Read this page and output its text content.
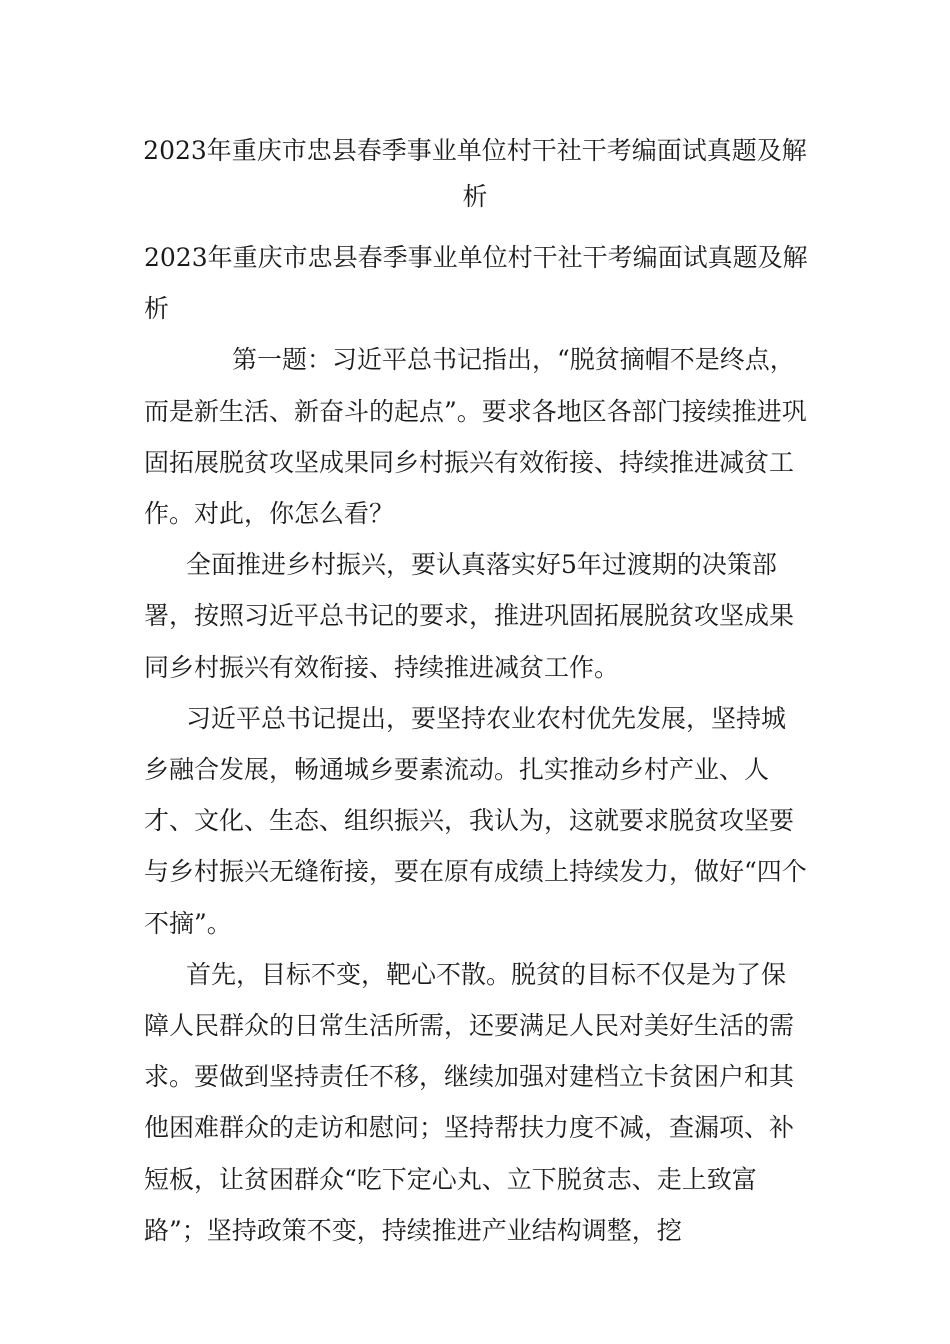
2023年重庆市忠县春季事业单位村干社干考编面试真题及解析

2023年重庆市忠县春季事业单位村干社干考编面试真题及解析

第一题：习近平总书记指出，“脱贫摘帽不是终点，而是新生活、新奋斗的起点”。要求各地区各部门接续推进巩固拓展脱贫攻坚成果同乡村振兴有效衔接、持续推进减贫工作。对此，你怎么看？

全面推进乡村振兴，要认真落实好5年过渡期的决策部署，按照习近平总书记的要求，推进巩固拓展脱贫攻坚成果同乡村振兴有效衔接、持续推进减贫工作。

习近平总书记提出，要坚持农业农村优先发展，坚持城乡融合发展，畅通城乡要素流动。扎实推动乡村产业、人才、文化、生态、组织振兴，我认为，这就要求脱贫攻坚要与乡村振兴无缝衔接，要在原有成绩上持续发力，做好“四个不摘”。

首先，目标不变，靶心不散。脱贫的目标不仅是为了保障人民群众的日常生活所需，还要满足人民对美好生活的需求。要做到坚持责任不移，继续加强对建档立卡贫困户和其他困难群众的走访和慰问；坚持帮扶力度不减，查漏项、补短板，让贫困群众“吃下定心丸、立下脱贫志、走上致富路”；坚持政策不变，持续推进产业结构调整，挖
